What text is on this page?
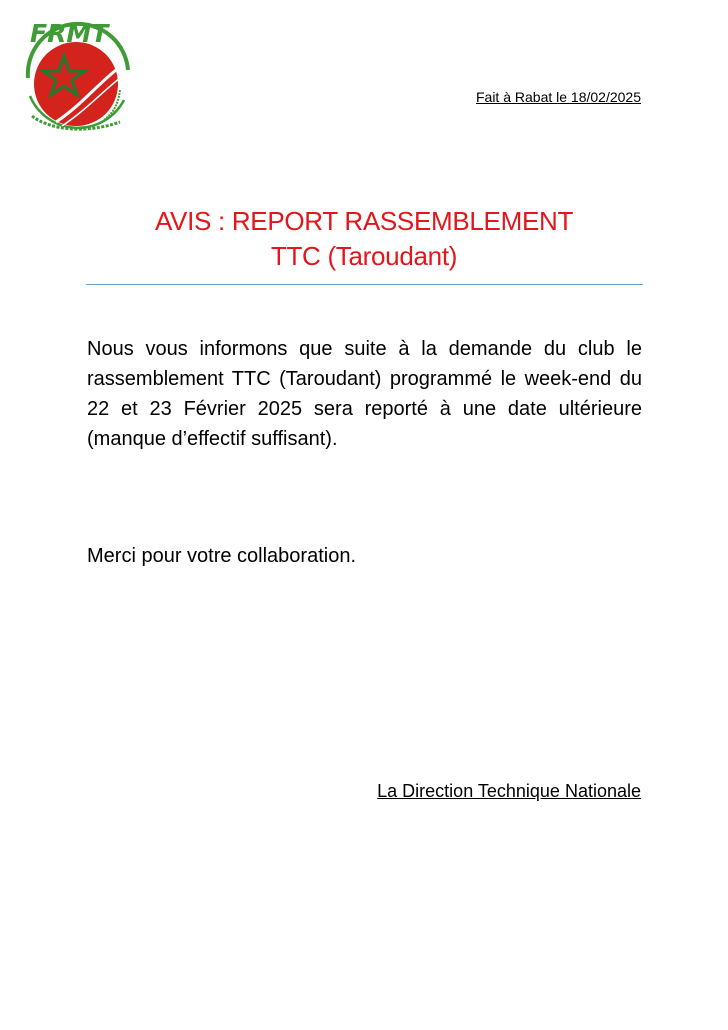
FRMT
Fait à Rabat le 18/02/2025
AVIS : REPORT RASSEMBLEMENT
TTC (Taroudant)

Nous vous informons que suite à la demande du club le rassemblement TTC (Taroudant) programmé le week-end du 22 et 23 Février 2025 sera reporté à une date ultérieure (manque d’effectif suffisant).

Merci pour votre collaboration.

La Direction Technique Nationale
